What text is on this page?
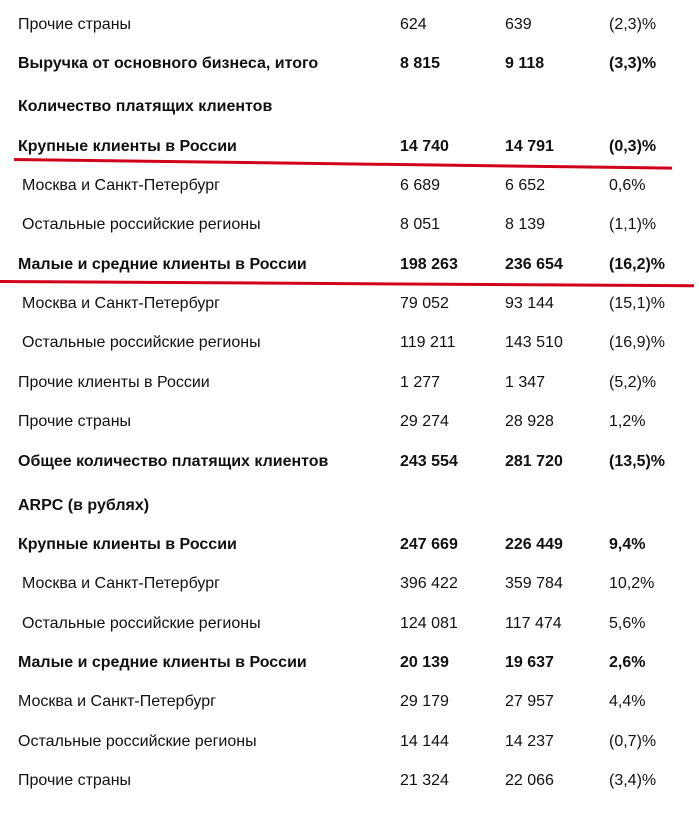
Прочие страны	624	639	(2,3)%
Выручка от основного бизнеса, итого	8 815	9 118	(3,3)%
Количество платящих клиентов
Крупные клиенты в России	14 740	14 791	(0,3)%
Москва и Санкт-Петербург	6 689	6 652	0,6%
Остальные российские регионы	8 051	8 139	(1,1)%
Малые и средние клиенты в России	198 263	236 654	(16,2)%
Москва и Санкт-Петербург	79 052	93 144	(15,1)%
Остальные российские регионы	119 211	143 510	(16,9)%
Прочие клиенты в России	1 277	1 347	(5,2)%
Прочие страны	29 274	28 928	1,2%
Общее количество платящих клиентов	243 554	281 720	(13,5)%
ARPC (в рублях)
Крупные клиенты в России	247 669	226 449	9,4%
Москва и Санкт-Петербург	396 422	359 784	10,2%
Остальные российские регионы	124 081	117 474	5,6%
Малые и средние клиенты в России	20 139	19 637	2,6%
Москва и Санкт-Петербург	29 179	27 957	4,4%
Остальные российские регионы	14 144	14 237	(0,7)%
Прочие страны	21 324	22 066	(3,4)%
